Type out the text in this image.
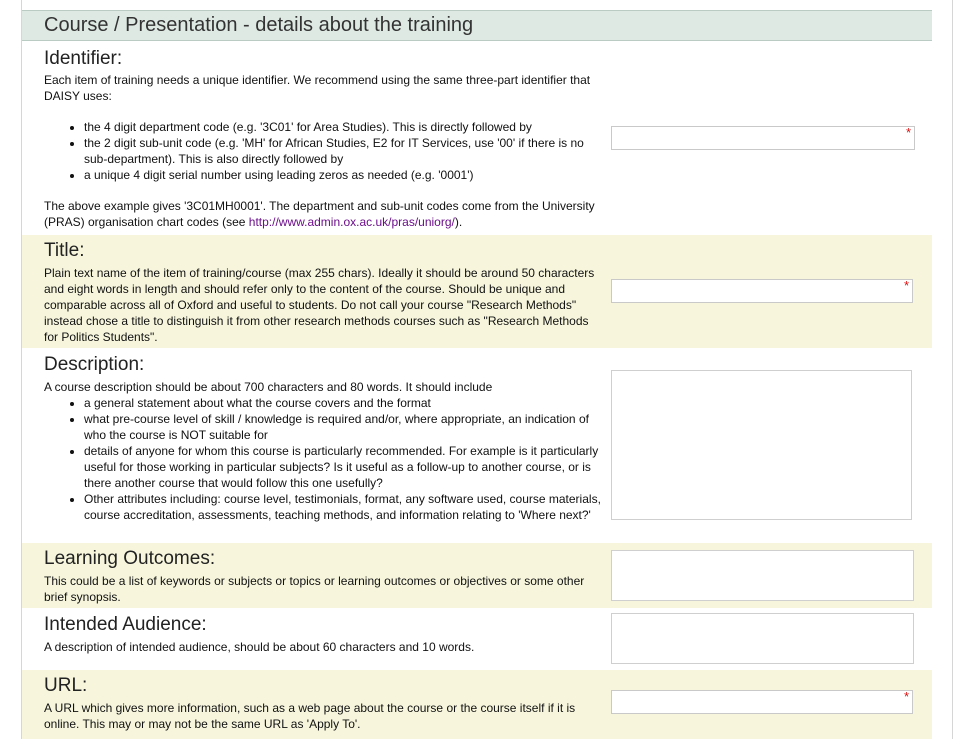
Course / Presentation - details about the training
Identifier:

Each item of training needs a unique identifier. We recommend using the same three-part identifier that DAISY uses:

• the 4 digit department code (e.g. '3C01' for Area Studies). This is directly followed by
• the 2 digit sub-unit code (e.g. 'MH' for African Studies, E2 for IT Services, use '00' if there is no sub-department). This is also directly followed by
• a unique 4 digit serial number using leading zeros as needed (e.g. '0001')

The above example gives '3C01MH0001'. The department and sub-unit codes come from the University (PRAS) organisation chart codes (see http://www.admin.ox.ac.uk/pras/uniorg/).

*
Title:
Plain text name of the item of training/course (max 255 chars). Ideally it should be around 50 characters and eight words in length and should refer only to the content of the course. Should be unique and comparable across all of Oxford and useful to students. Do not call your course "Research Methods" instead chose a title to distinguish it from other research methods courses such as "Research Methods for Politics Students".
*
Description:

A course description should be about 700 characters and 80 words. It should include

• a general statement about what the course covers and the format
• what pre-course level of skill / knowledge is required and/or, where appropriate, an indication of who the course is NOT suitable for
• details of anyone for whom this course is particularly recommended. For example is it particularly useful for those working in particular subjects? Is it useful as a follow-up to another course, or is there another course that would follow this one usefully?
• Other attributes including: course level, testimonials, format, any software used, course materials, course accreditation, assessments, teaching methods, and information relating to 'Where next?'
Learning Outcomes:
This could be a list of keywords or subjects or topics or learning outcomes or objectives or some other brief synopsis.
Intended Audience:
A description of intended audience, should be about 60 characters and 10 words.
URL:
A URL which gives more information, such as a web page about the course or the course itself if it is online. This may or may not be the same URL as 'Apply To'.
*
